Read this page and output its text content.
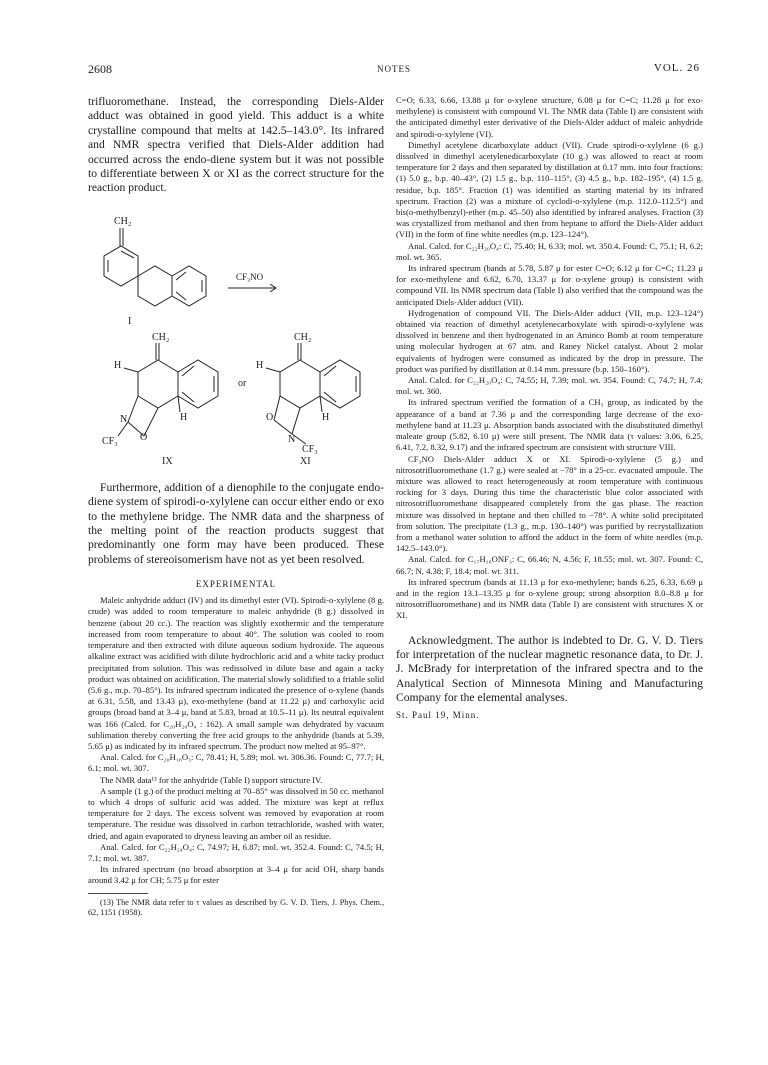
2608	NOTES	VOL. 26

trifluoromethane. Instead, the corresponding Diels-Alder adduct was obtained in good yield. This adduct is a white crystalline compound that melts at 142.5–143.0°. Its infrared and NMR spectra verified that Diels-Alder addition had occurred across the endo-diene system but it was not possible to differentiate between X or XI as the correct structure for the reaction product.

CH₂
CF₃NO
I
CH₂	CH₂
H	H
or
H	H
N
O
CF₃
O
N
CF₃
IX	XI

Furthermore, addition of a dienophile to the conjugate endo-diene system of spirodi-o-xylylene can occur either endo or exo to the methylene bridge. The NMR data and the sharpness of the melting point of the reaction products suggest that predominantly one form may have been produced. These problems of stereoisomerism have not as yet been resolved.

EXPERIMENTAL

Maleic anhydride adduct (IV) and its dimethyl ester (VI). Spirodi-o-xylylene (8 g. crude) was added to room temperature to maleic anhydride (8 g.) dissolved in benzene (about 20 cc.). The reaction was slightly exothermic and the temperature increased from room temperature to about 40°. The solution was cooled to room temperature and then extracted with dilute aqueous sodium hydroxide. The aqueous alkaline extract was acidified with dilute hydrochloric acid and a white tacky product precipitated from solution. This was redissolved in dilute base and again a tacky product was obtained on acidification. The material slowly solidified to a friable solid (5.6 g., m.p. 70–85°). Its infrared spectrum indicated the presence of o-xylene (bands at 6.31, 5.58, and 13.43 μ), exo-methylene (band at 11.22 μ) and carboxylic acid groups (broad band at 3–4 μ, band at 5.83, broad at 10.5–11 μ). Its neutral equivalent was 166 (Calcd. for C₂₀H₂₀O₄ : 162). A small sample was dehydrated by vacuum sublimation thereby converting the free acid groups to the anhydride (bands at 5.39, 5.65 μ) as indicated by its infrared spectrum. The product now melted at 95–97°.

Anal. Calcd. for C₂₀H₁₈O₃: C, 78.41; H, 5.89; mol. wt. 306.36. Found: C, 77.7; H, 6.1; mol. wt. 307.

The NMR data¹³ for the anhydride (Table I) support structure IV.

A sample (1 g.) of the product melting at 70–85° was dissolved in 50 cc. methanol to which 4 drops of sulfuric acid was added. The mixture was kept at reflux temperature for 2 days. The excess solvent was removed by evaporation at room temperature. The residue was dissolved in carbon tetrachloride, washed with water, dried, and again evaporated to dryness leaving an amber oil as residue.

Anal. Calcd. for C₂₂H₂₄O₄: C, 74.97; H, 6.87; mol. wt. 352.4. Found: C, 74.5; H, 7.1; mol. wt. 387.

Its infrared spectrum (no broad absorption at 3–4 μ for acid OH, sharp bands around 3.42 μ for CH; 5.75 μ for ester

(13) The NMR data refer to τ values as described by G. V. D. Tiers, J. Phys. Chem., 62, 1151 (1958).

C=O; 6.33, 6.66, 13.88 μ for o-xylene structure, 6.08 μ for C=C; 11.28 μ for exo-methylene) is consistent with compound VI. The NMR data (Table I) are consistent with the anticipated dimethyl ester derivative of the Diels-Alder adduct of maleic anhydride and spirodi-o-xylylene (VI).

Dimethyl acetylene dicarboxylate adduct (VII). Crude spirodi-o-xylylene (6 g.) dissolved in dimethyl acetylenedicarboxylate (10 g.) was allowed to react at room temperature for 2 days and then separated by distillation at 0.17 mm. into four fractions: (1) 5.0 g., b.p. 40–43°, (2) 1.5 g., b.p. 110–115°, (3) 4.5 g., b.p. 182–195°, (4) 1.5 g. residue, b.p. 185°. Fraction (1) was identified as starting material by its infrared spectrum. Fraction (2) was a mixture of cyclodi-o-xylylene (m.p. 112.0–112.5°) and bis(o-methylbenzyl)-ether (m.p. 45–50) also identified by infrared analyses. Fraction (3) was crystallized from methanol and then from heptane to afford the Diels-Alder adduct (VII) in the form of fine white needles (m.p. 123–124°).

Anal. Calcd. for C₂₂H₂₀O₄: C, 75.40; H, 6.33; mol. wt. 350.4. Found: C, 75.1; H, 6.2; mol. wt. 365.

Its infrared spectrum (bands at 5.78, 5.87 μ for ester C=O; 6.12 μ for C=C; 11.23 μ for exo-methylene and 6.62, 6.70, 13.37 μ for o-xylene group) is consistent with compound VII. Its NMR spectrum data (Table I) also verified that the compound was the anticipated Diels-Alder adduct (VII).

Hydrogenation of compound VII. The Diels-Alder adduct (VII, m.p. 123–124°) obtained via reaction of dimethyl acetylenecarboxylate with spirodi-o-xylylene was dissolved in benzene and then hydrogenated in an Aminco Bomb at room temperature using molecular hydrogen at 67 atm. and Raney Nickel catalyst. About 2 molar equivalents of hydrogen were consumed as indicated by the drop in pressure. The product was purified by distillation at 0.14 mm. pressure (b.p. 150–160°).

Anal. Calcd. for C₂₂H₂₀O₄: C, 74.55; H, 7.39; mol. wt. 354. Found: C, 74.7; H, 7.4; mol. wt. 360.

Its infrared spectrum verified the formation of a CH₃ group, as indicated by the appearance of a band at 7.36 μ and the corresponding large decrease of the exo-methylene band at 11.23 μ. Absorption bands associated with the disubstituted dimethyl maleate group (5.82, 6.10 μ) were still present. The NMR data (τ values: 3.06, 6.25, 6.41, 7.2, 8.32, 9.17) and the infrared spectrum are consistent with structure VIII.

CF₃NO Diels-Alder adduct X or XI. Spirodi-o-xylylene (5 g.) and nitrosotrifluoromethane (1.7 g.) were sealed at −78° in a 25-cc. evacuated ampoule. The mixture was allowed to react heterogeneously at room temperature with continuous rocking for 3 days. During this time the characteristic blue color associated with nitrosotrifluoromethane disappeared completely from the gas phase. The reaction mixture was dissolved in heptane and then chilled to −78°. A white solid precipitated from solution. The precipitate (1.3 g., m.p. 130–140°) was purified by recrystallization from a methanol water solution to afford the adduct in the form of white needles (m.p. 142.5–143.0°).

Anal. Calcd. for C₁₇H₁₆ONF₃: C, 66.46; N, 4.56; F, 18.55; mol. wt. 307. Found: C, 66.7; N, 4.38; F, 18.4; mol. wt. 311.

Its infrared spectrum (bands at 11.13 μ for exo-methylene; bands 6.25, 6.33, 6.69 μ and in the region 13.1–13.35 μ for o-xylene group; strong absorption 8.0–8.8 μ for nitrosotrifluoromethane) and its NMR data (Table I) are consistent with structures X or XI.

Acknowledgment. The author is indebted to Dr. G. V. D. Tiers for interpretation of the nuclear magnetic resonance data, to Dr. J. J. McBrady for interpretation of the infrared spectra and to the Analytical Section of Minnesota Mining and Manufacturing Company for the elemental analyses.

St. Paul 19, Minn.
